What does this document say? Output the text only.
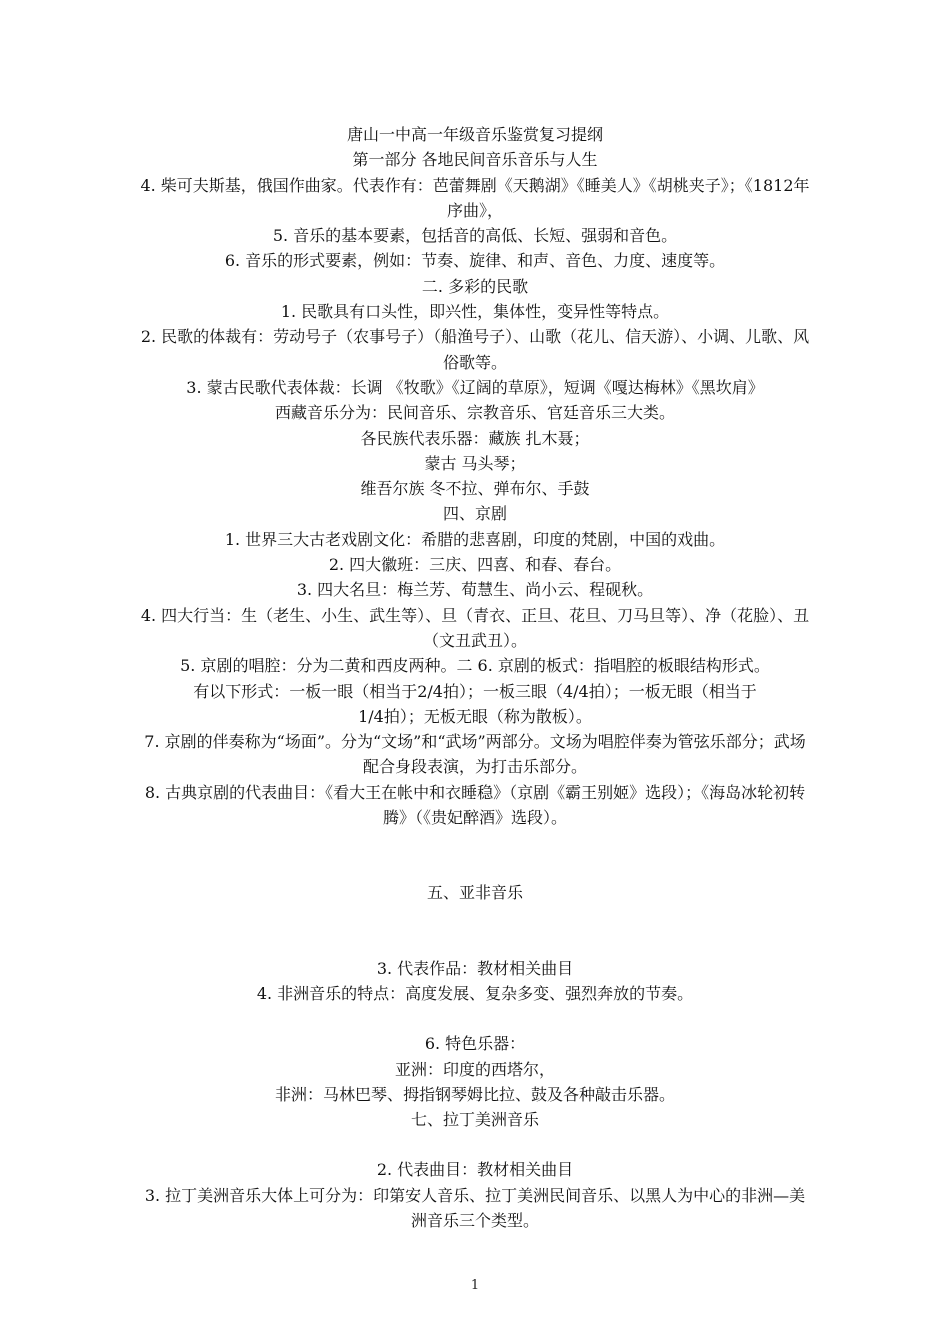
唐山一中高一年级音乐鉴赏复习提纲
第一部分 各地民间音乐音乐与人生
4. 柴可夫斯基，俄国作曲家。代表作有：芭蕾舞剧《天鹅湖》《睡美人》《胡桃夹子》；《1812年序曲》，
5. 音乐的基本要素，包括音的高低、长短、强弱和音色。
6. 音乐的形式要素，例如：节奏、旋律、和声、音色、力度、速度等。
二. 多彩的民歌
1. 民歌具有口头性，即兴性，集体性，变异性等特点。
2. 民歌的体裁有：劳动号子（农事号子）（船渔号子）、山歌（花儿、信天游）、小调、儿歌、风俗歌等。
3. 蒙古民歌代表体裁：长调 《牧歌》《辽阔的草原》，短调《嘎达梅林》《黑坎肩》
西藏音乐分为：民间音乐、宗教音乐、官廷音乐三大类。
各民族代表乐器：藏族 扎木聂；
蒙古 马头琴；
维吾尔族 冬不拉、弹布尔、手鼓
四、京剧
1. 世界三大古老戏剧文化：希腊的悲喜剧，印度的梵剧，中国的戏曲。
2. 四大徽班：三庆、四喜、和春、春台。
3. 四大名旦：梅兰芳、荀慧生、尚小云、程砚秋。
4. 四大行当：生（老生、小生、武生等）、旦（青衣、正旦、花旦、刀马旦等）、净（花脸）、丑（文丑武丑）。
5. 京剧的唱腔：分为二黄和西皮两种。二 6. 京剧的板式：指唱腔的板眼结构形式。
有以下形式：一板一眼（相当于2/4拍）；一板三眼（4/4拍）；一板无眼（相当于
1/4拍）；无板无眼（称为散板）。
7. 京剧的伴奏称为“场面”。分为“文场”和“武场”两部分。文场为唱腔伴奏为管弦乐部分；武场配合身段表演，为打击乐部分。
8. 古典京剧的代表曲目：《看大王在帐中和衣睡稳》（京剧《霸王别姬》选段）；《海岛冰轮初转腾》（《贵妃醉酒》选段）。
五、亚非音乐
3. 代表作品：教材相关曲目
4. 非洲音乐的特点：高度发展、复杂多变、强烈奔放的节奏。
6. 特色乐器：
亚洲：印度的西塔尔，
非洲：马林巴琴、拇指钢琴姆比拉、鼓及各种敲击乐器。
七、拉丁美洲音乐
2. 代表曲目：教材相关曲目
3. 拉丁美洲音乐大体上可分为：印第安人音乐、拉丁美洲民间音乐、以黑人为中心的非洲—美洲音乐三个类型。
1
